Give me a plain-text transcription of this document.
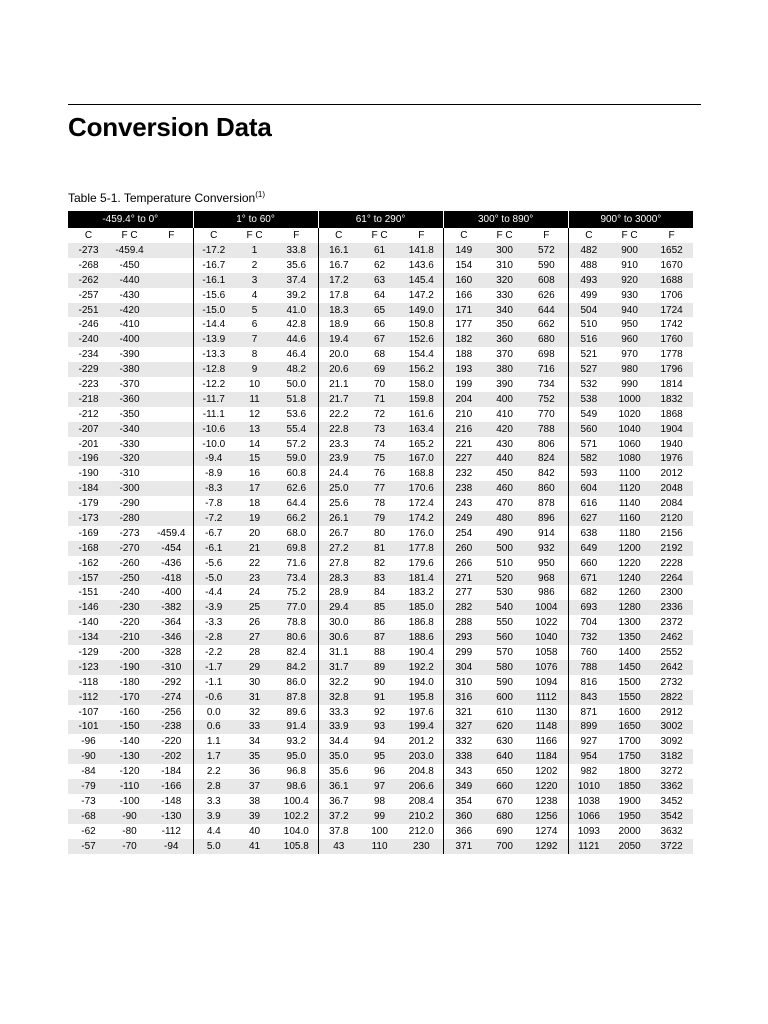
Conversion Data
Table 5-1. Temperature Conversion$^{(1)}$
-459.4° to 0°			1° to 60°			61° to 290°			300° to 890°			900° to 3000°		
C	F C	F	C	F C	F	C	F C	F	C	F C	F	C	F C	F
-273	-459.4		-17.2	1	33.8	16.1	61	141.8	149	300	572	482	900	1652
-268	-450		-16.7	2	35.6	16.7	62	143.6	154	310	590	488	910	1670
-262	-440		-16.1	3	37.4	17.2	63	145.4	160	320	608	493	920	1688
-257	-430		-15.6	4	39.2	17.8	64	147.2	166	330	626	499	930	1706
-251	-420		-15.0	5	41.0	18.3	65	149.0	171	340	644	504	940	1724
-246	-410		-14.4	6	42.8	18.9	66	150.8	177	350	662	510	950	1742
-240	-400		-13.9	7	44.6	19.4	67	152.6	182	360	680	516	960	1760
-234	-390		-13.3	8	46.4	20.0	68	154.4	188	370	698	521	970	1778
-229	-380		-12.8	9	48.2	20.6	69	156.2	193	380	716	527	980	1796
-223	-370		-12.2	10	50.0	21.1	70	158.0	199	390	734	532	990	1814
-218	-360		-11.7	11	51.8	21.7	71	159.8	204	400	752	538	1000	1832
-212	-350		-11.1	12	53.6	22.2	72	161.6	210	410	770	549	1020	1868
-207	-340		-10.6	13	55.4	22.8	73	163.4	216	420	788	560	1040	1904
-201	-330		-10.0	14	57.2	23.3	74	165.2	221	430	806	571	1060	1940
-196	-320		-9.4	15	59.0	23.9	75	167.0	227	440	824	582	1080	1976
-190	-310		-8.9	16	60.8	24.4	76	168.8	232	450	842	593	1100	2012
-184	-300		-8.3	17	62.6	25.0	77	170.6	238	460	860	604	1120	2048
-179	-290		-7.8	18	64.4	25.6	78	172.4	243	470	878	616	1140	2084
-173	-280		-7.2	19	66.2	26.1	79	174.2	249	480	896	627	1160	2120
-169	-273	-459.4	-6.7	20	68.0	26.7	80	176.0	254	490	914	638	1180	2156
-168	-270	-454	-6.1	21	69.8	27.2	81	177.8	260	500	932	649	1200	2192
-162	-260	-436	-5.6	22	71.6	27.8	82	179.6	266	510	950	660	1220	2228
-157	-250	-418	-5.0	23	73.4	28.3	83	181.4	271	520	968	671	1240	2264
-151	-240	-400	-4.4	24	75.2	28.9	84	183.2	277	530	986	682	1260	2300
-146	-230	-382	-3.9	25	77.0	29.4	85	185.0	282	540	1004	693	1280	2336
-140	-220	-364	-3.3	26	78.8	30.0	86	186.8	288	550	1022	704	1300	2372
-134	-210	-346	-2.8	27	80.6	30.6	87	188.6	293	560	1040	732	1350	2462
-129	-200	-328	-2.2	28	82.4	31.1	88	190.4	299	570	1058	760	1400	2552
-123	-190	-310	-1.7	29	84.2	31.7	89	192.2	304	580	1076	788	1450	2642
-118	-180	-292	-1.1	30	86.0	32.2	90	194.0	310	590	1094	816	1500	2732
-112	-170	-274	-0.6	31	87.8	32.8	91	195.8	316	600	1112	843	1550	2822
-107	-160	-256	0.0	32	89.6	33.3	92	197.6	321	610	1130	871	1600	2912
-101	-150	-238	0.6	33	91.4	33.9	93	199.4	327	620	1148	899	1650	3002
-96	-140	-220	1.1	34	93.2	34.4	94	201.2	332	630	1166	927	1700	3092
-90	-130	-202	1.7	35	95.0	35.0	95	203.0	338	640	1184	954	1750	3182
-84	-120	-184	2.2	36	96.8	35.6	96	204.8	343	650	1202	982	1800	3272
-79	-110	-166	2.8	37	98.6	36.1	97	206.6	349	660	1220	1010	1850	3362
-73	-100	-148	3.3	38	100.4	36.7	98	208.4	354	670	1238	1038	1900	3452
-68	-90	-130	3.9	39	102.2	37.2	99	210.2	360	680	1256	1066	1950	3542
-62	-80	-112	4.4	40	104.0	37.8	100	212.0	366	690	1274	1093	2000	3632
-57	-70	-94	5.0	41	105.8	43	110	230	371	700	1292	1121	2050	3722
